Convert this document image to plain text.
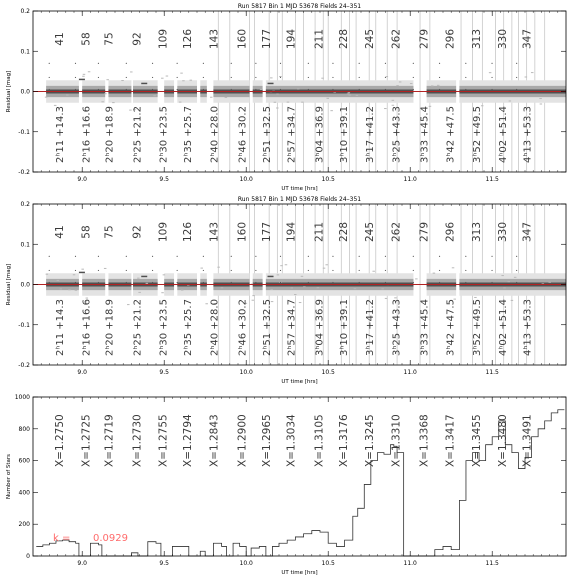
Run 5817 Bin 1 MJD 53678 Fields 24–351
41
2ʰ11 +14.3
58
2ʰ16 +16.6
75
2ʰ20 +18.9
92
2ʰ25 +21.2
109
2ʰ30 +23.5
126
2ʰ35 +25.7
143
2ʰ40 +28.0
160
2ʰ46 +30.2
177
2ʰ51 +32.5
194
2ʰ57 +34.7
211
3ʰ04 +36.9
228
3ʰ10 +39.1
245
3ʰ17 +41.2
262
3ʰ25 +43.3
279
3ʰ33 +45.4
296
3ʰ42 +47.5
313
3ʰ52 +49.5
330
4ʰ02 +51.4
347
4ʰ13 +53.3
9.0	9.5	10.0	10.5	11.0	11.5
-0.2
-0.1
0.0
0.1
0.2
UT time [hrs]
Residual [mag]
Run 5817 Bin 1 MJD 53678 Fields 24–351
41
2ʰ11 +14.3
58
2ʰ16 +16.6
75
2ʰ20 +18.9
92
2ʰ25 +21.2
109
2ʰ30 +23.5
126
2ʰ35 +25.7
143
2ʰ40 +28.0
160
2ʰ46 +30.2
177
2ʰ51 +32.5
194
2ʰ57 +34.7
211
3ʰ04 +36.9
228
3ʰ10 +39.1
245
3ʰ17 +41.2
262
3ʰ25 +43.3
279
3ʰ33 +45.4
296
3ʰ42 +47.5
313
3ʰ52 +49.5
330
4ʰ02 +51.4
347
4ʰ13 +53.3
9.0	9.5	10.0	10.5	11.0	11.5
-0.2
-0.1
0.0
0.1
0.2
UT time [hrs]
Residual [mag]
X=1.2750 X=1.2725 X=1.2719 X=1.2730 X=1.2755 X=1.2794 X=1.2843 X=1.2900 X=1.2965 X=1.3034 X=1.3105 X=1.3176 X=1.3245 X=1.3310 X=1.3368 X=1.3417 X=1.3455 X=1.3480 X=1.3491
k = 0.0929
9.0	9.5	10.0	10.5	11.0	11.5
0
200
400
600
800
1000
UT time [hrs]
Number of Stars
